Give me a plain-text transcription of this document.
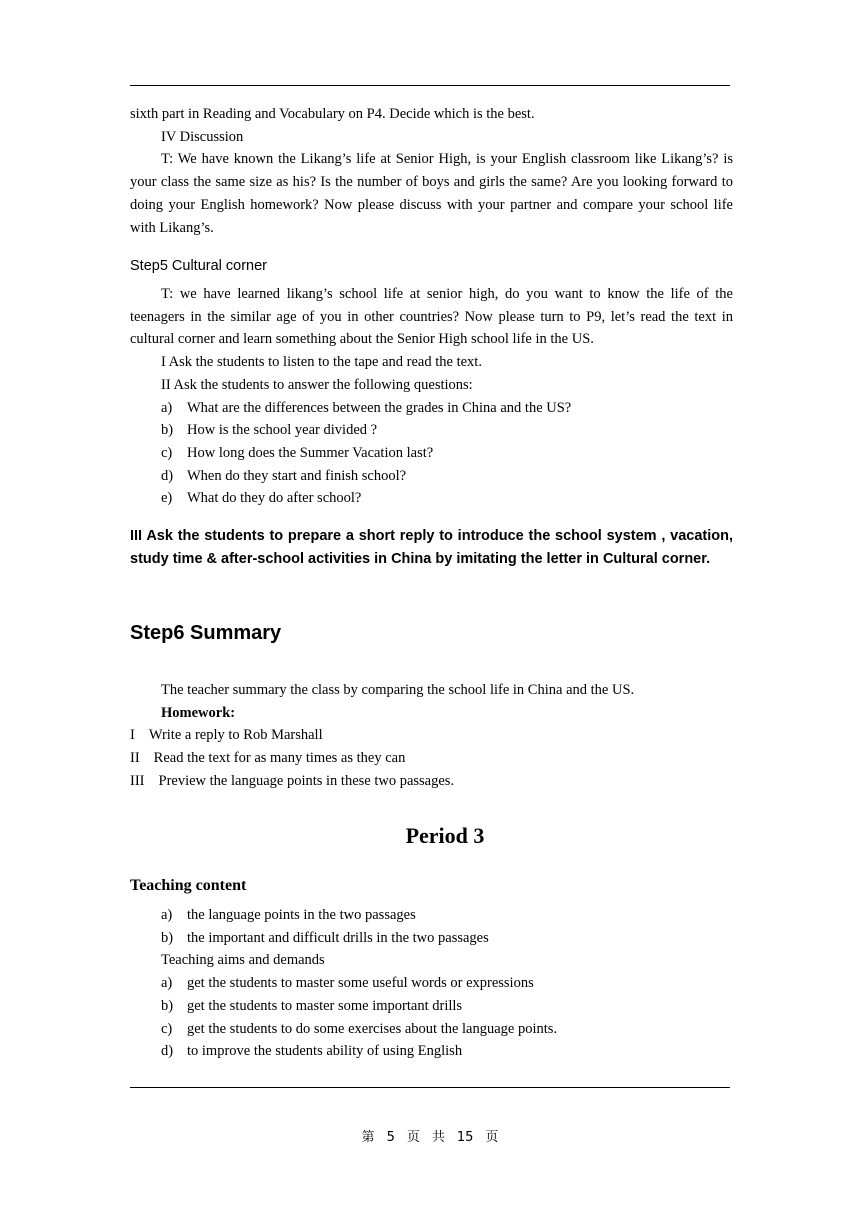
sixth part in Reading and Vocabulary on P4. Decide which is the best.

IV Discussion

T: We have known the Likang’s life at Senior High, is your English classroom like Likang’s? is your class the same size as his? Is the number of boys and girls the same? Are you looking forward to doing your English homework? Now please discuss with your partner and compare your school life with Likang’s.

Step5 Cultural corner

T: we have learned likang’s school life at senior high, do you want to know the life of the teenagers in the similar age of you in other countries? Now please turn to P9, let’s read the text in cultural corner and learn something about the Senior High school life in the US.

I Ask the students to listen to the tape and read the text.

II Ask the students to answer the following questions:

a)	What are the differences between the grades in China and the US?
b) How is the school year divided ?
c)	How long does the Summer Vacation last?
d) When do they start and finish school?
e)	What do they do after school?

III Ask the students to prepare a short reply to introduce the school system , vacation, study time & after-school activities in China by imitating the letter in Cultural corner.

Step6 Summary

The teacher summary the class by comparing the school life in China and the US.

Homework:

I Write a reply to Rob Marshall
II Read the text for as many times as they can
III Preview the language points in these two passages.
Period 3
Teaching content
a)	the language points in the two passages
b) the important and difficult drills in the two passages

Teaching aims and demands

a)	get the students to master some useful words or expressions
b) get the students to master some important drills
c)	get the students to do some exercises about the language points.
d) to improve the students ability of using English
第 5 页 共 15 页
